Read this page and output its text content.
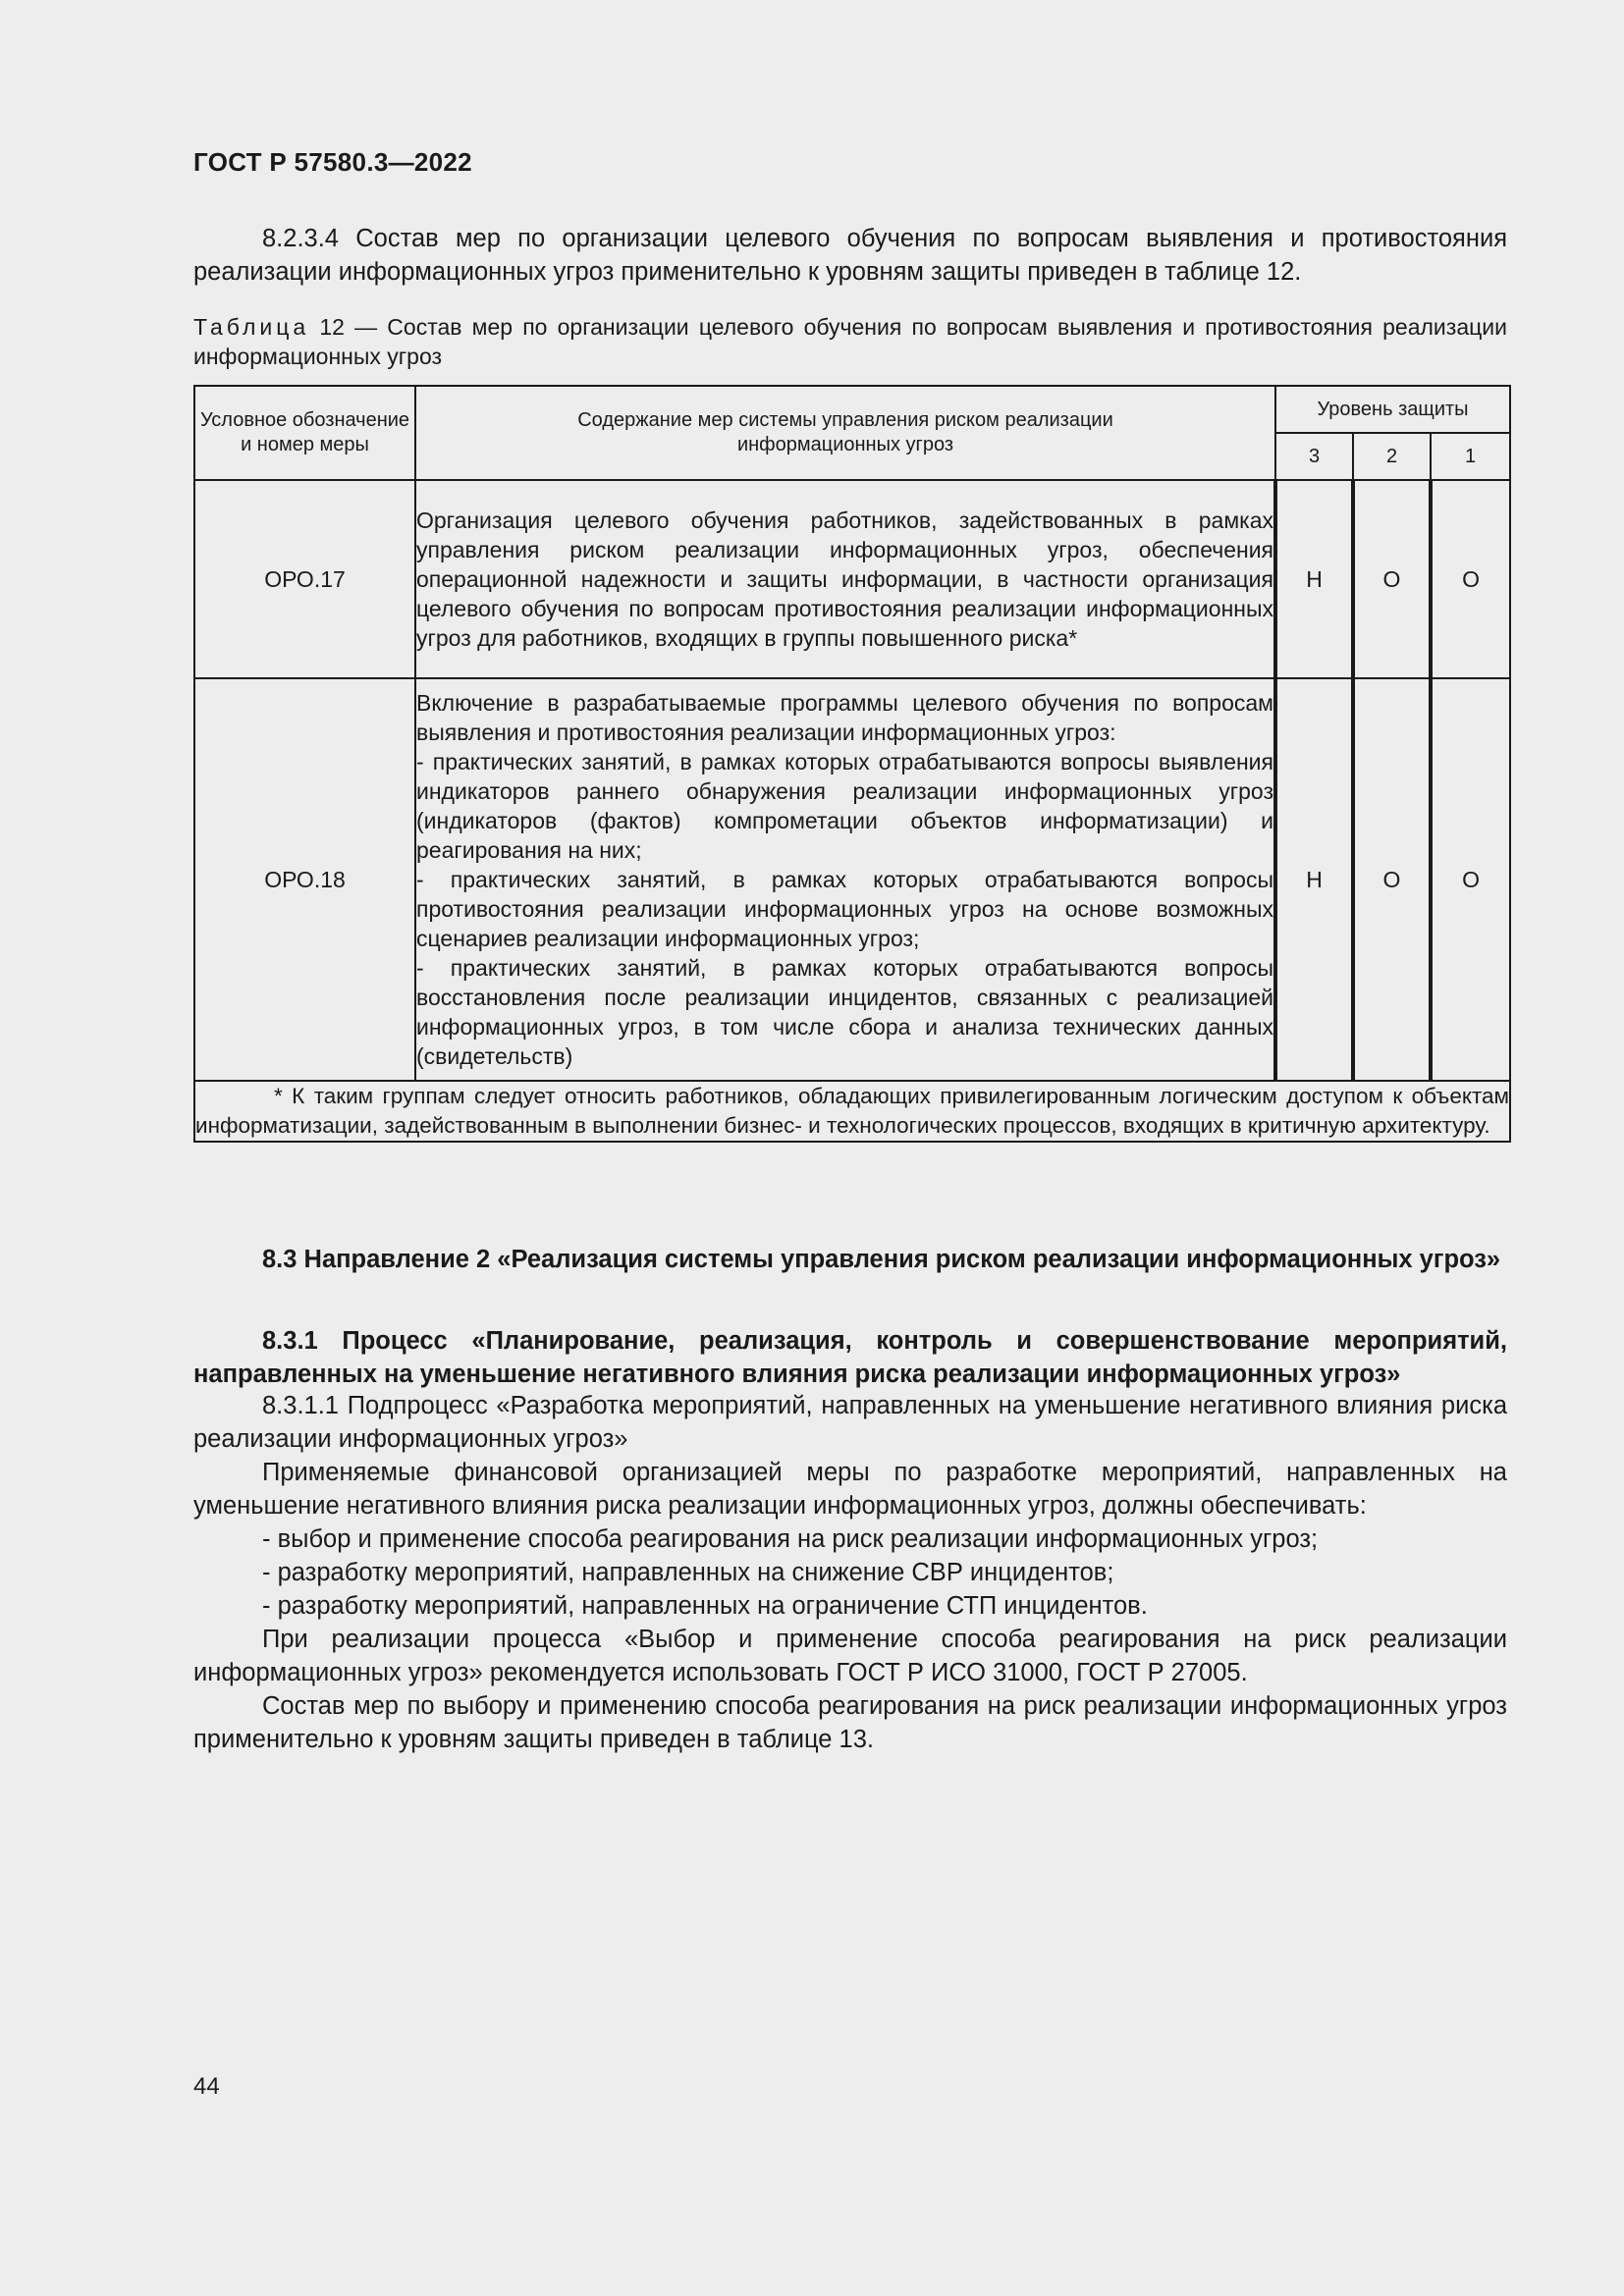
ГОСТ Р 57580.3—2022

8.2.3.4 Состав мер по организации целевого обучения по вопросам выявления и противостояния реализации информационных угроз применительно к уровням защиты приведен в таблице 12.

Таблица 12 — Состав мер по организации целевого обучения по вопросам выявления и противостояния реализации информационных угроз
Условное обозначение и номер меры	Содержание мер системы управления риском реализации информационных угроз	Уровень защиты		
		3	2	1
ОРО.17	Организация целевого обучения работников, задействованных в рамках управления риском реализации информационных угроз, обеспечения операционной надежности и защиты информации, в частности организация целевого обучения по вопросам противостояния реализации информационных угроз для работников, входящих в группы повышенного риска*	Н	О	О
ОРО.18	Включение в разрабатываемые программы целевого обучения по вопросам выявления и противостояния реализации информационных угроз:
- практических занятий, в рамках которых отрабатываются вопросы выявления индикаторов раннего обнаружения реализации информационных угроз (индикаторов (фактов) компрометации объектов информатизации) и реагирования на них;
- практических занятий, в рамках которых отрабатываются вопросы противостояния реализации информационных угроз на основе возможных сценариев реализации информационных угроз;
- практических занятий, в рамках которых отрабатываются вопросы восстановления после реализации инцидентов, связанных с реализацией информационных угроз, в том числе сбора и анализа технических данных (свидетельств)	Н	О	О
* К таким группам следует относить работников, обладающих привилегированным логическим доступом к объектам информатизации, задействованным в выполнении бизнес- и технологических процессов, входящих в критичную архитектуру.				
8.3 Направление 2 «Реализация системы управления риском реализации информационных угроз»

8.3.1 Процесс «Планирование, реализация, контроль и совершенствование мероприятий, направленных на уменьшение негативного влияния риска реализации информационных угроз»

8.3.1.1 Подпроцесс «Разработка мероприятий, направленных на уменьшение негативного влияния риска реализации информационных угроз»

Применяемые финансовой организацией меры по разработке мероприятий, направленных на уменьшение негативного влияния риска реализации информационных угроз, должны обеспечивать:

- выбор и применение способа реагирования на риск реализации информационных угроз;

- разработку мероприятий, направленных на снижение СВР инцидентов;

- разработку мероприятий, направленных на ограничение СТП инцидентов.

При реализации процесса «Выбор и применение способа реагирования на риск реализации информационных угроз» рекомендуется использовать ГОСТ Р ИСО 31000, ГОСТ Р 27005.

Состав мер по выбору и применению способа реагирования на риск реализации информационных угроз применительно к уровням защиты приведен в таблице 13.

44
